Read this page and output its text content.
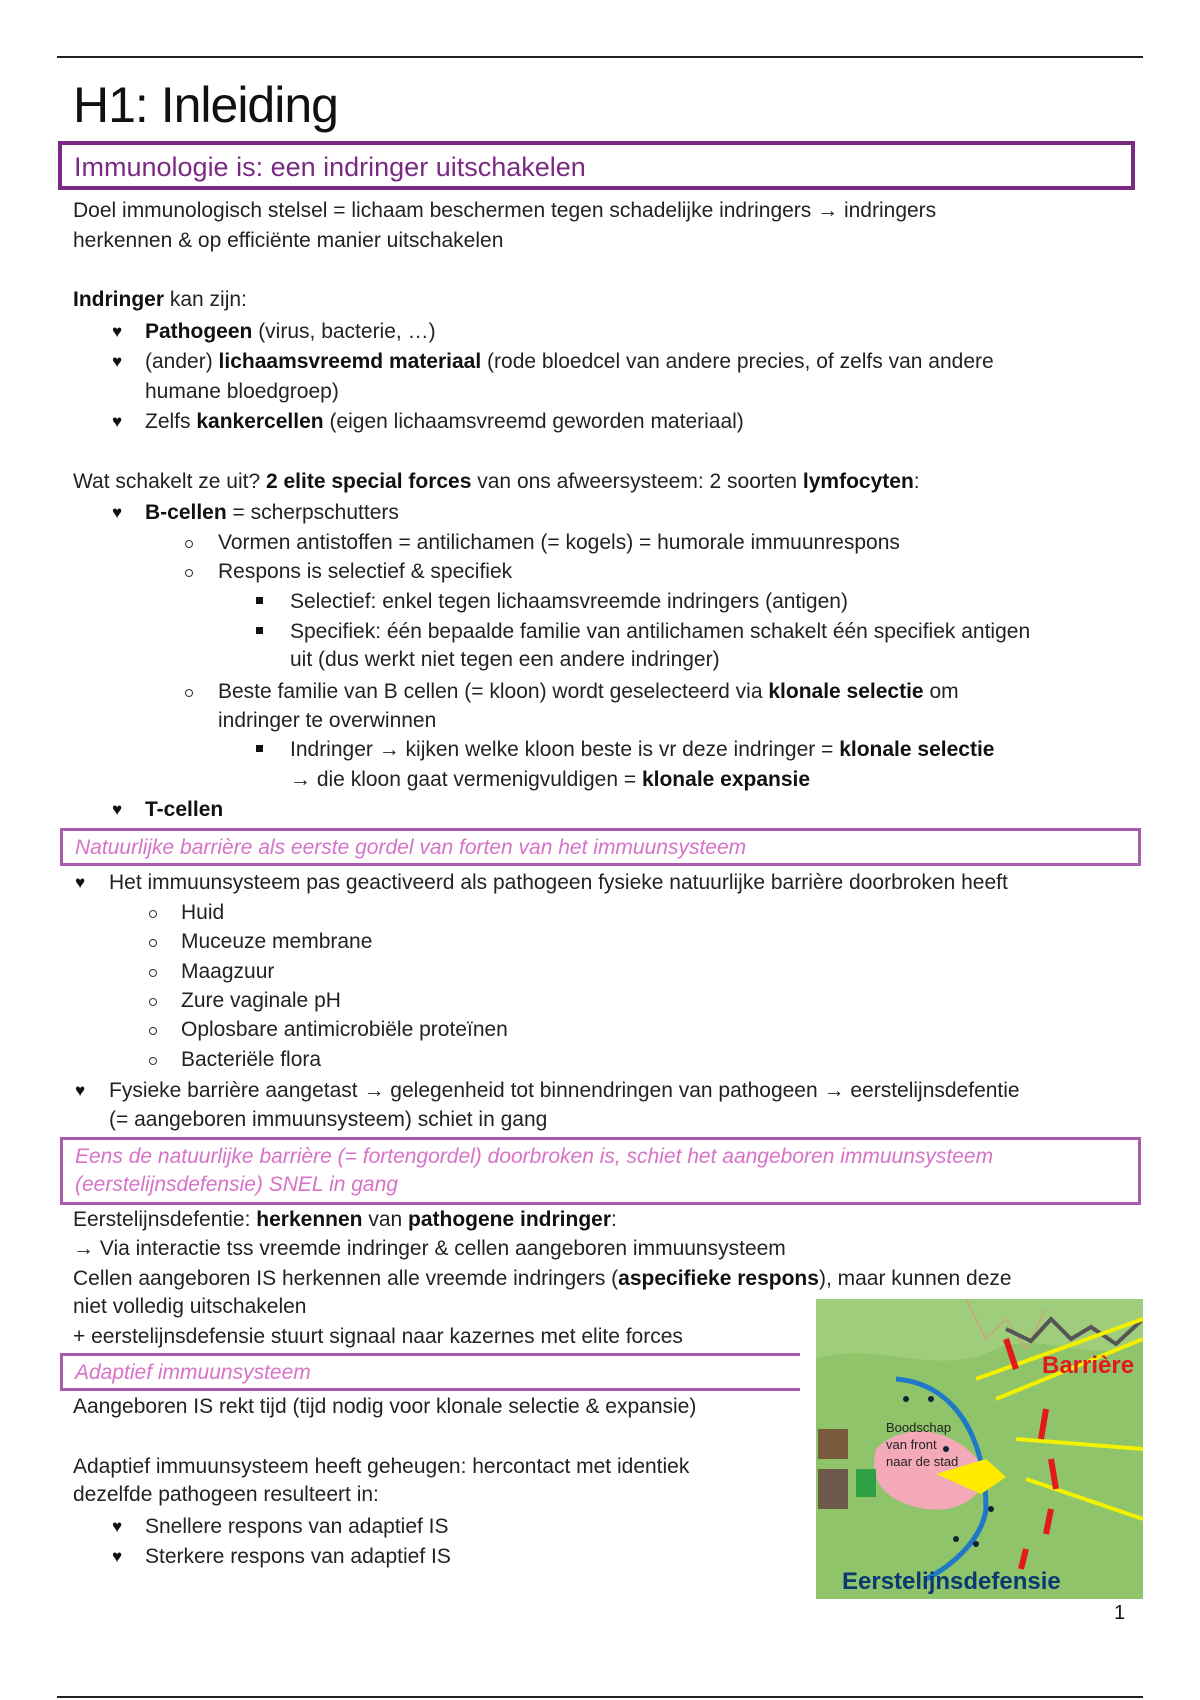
H1: Inleiding
Immunologie is: een indringer uitschakelen
Doel immunologisch stelsel = lichaam beschermen tegen schadelijke indringers → indringers
herkennen & op efficiënte manier uitschakelen
Indringer kan zijn:
♥ Pathogeen (virus, bacterie, …)
♥ (ander) lichaamsvreemd materiaal (rode bloedcel van andere precies, of zelfs van andere
humane bloedgroep)
♥ Zelfs kankercellen (eigen lichaamsvreemd geworden materiaal)
Wat schakelt ze uit? 2 elite special forces van ons afweersysteem: 2 soorten lymfocyten:
♥ B-cellen = scherpschutters
Vormen antistoffen = antilichamen (= kogels) = humorale immuunrespons
Respons is selectief & specifiek
Selectief: enkel tegen lichaamsvreemde indringers (antigen)
Specifiek: één bepaalde familie van antilichamen schakelt één specifiek antigen
uit (dus werkt niet tegen een andere indringer)
Beste familie van B cellen (= kloon) wordt geselecteerd via klonale selectie om
indringer te overwinnen
Indringer → kijken welke kloon beste is vr deze indringer = klonale selectie
→ die kloon gaat vermenigvuldigen = klonale expansie
♥ T-cellen
Natuurlijke barrière als eerste gordel van forten van het immuunsysteem
♥ Het immuunsysteem pas geactiveerd als pathogeen fysieke natuurlijke barrière doorbroken heeft
Huid
Muceuze membrane
Maagzuur
Zure vaginale pH
Oplosbare antimicrobiële proteïnen
Bacteriële flora
♥ Fysieke barrière aangetast → gelegenheid tot binnendringen van pathogeen → eerstelijnsdefentie
(= aangeboren immuunsysteem) schiet in gang
Eens de natuurlijke barrière (= fortengordel) doorbroken is, schiet het aangeboren immuunsysteem
(eerstelijnsdefensie) SNEL in gang
Eerstelijnsdefentie: herkennen van pathogene indringer:
→ Via interactie tss vreemde indringer & cellen aangeboren immuunsysteem
Cellen aangeboren IS herkennen alle vreemde indringers (aspecifieke respons), maar kunnen deze
niet volledig uitschakelen
+ eerstelijnsdefensie stuurt signaal naar kazernes met elite forces
Adaptief immuunsysteem
Aangeboren IS rekt tijd (tijd nodig voor klonale selectie & expansie)
Adaptief immuunsysteem heeft geheugen: hercontact met identiek
dezelfde pathogeen resulteert in:
♥ Snellere respons van adaptief IS
♥ Sterkere respons van adaptief IS
Barrière
Boodschap
van front
naar de stad
Eerstelijnsdefensie
1
